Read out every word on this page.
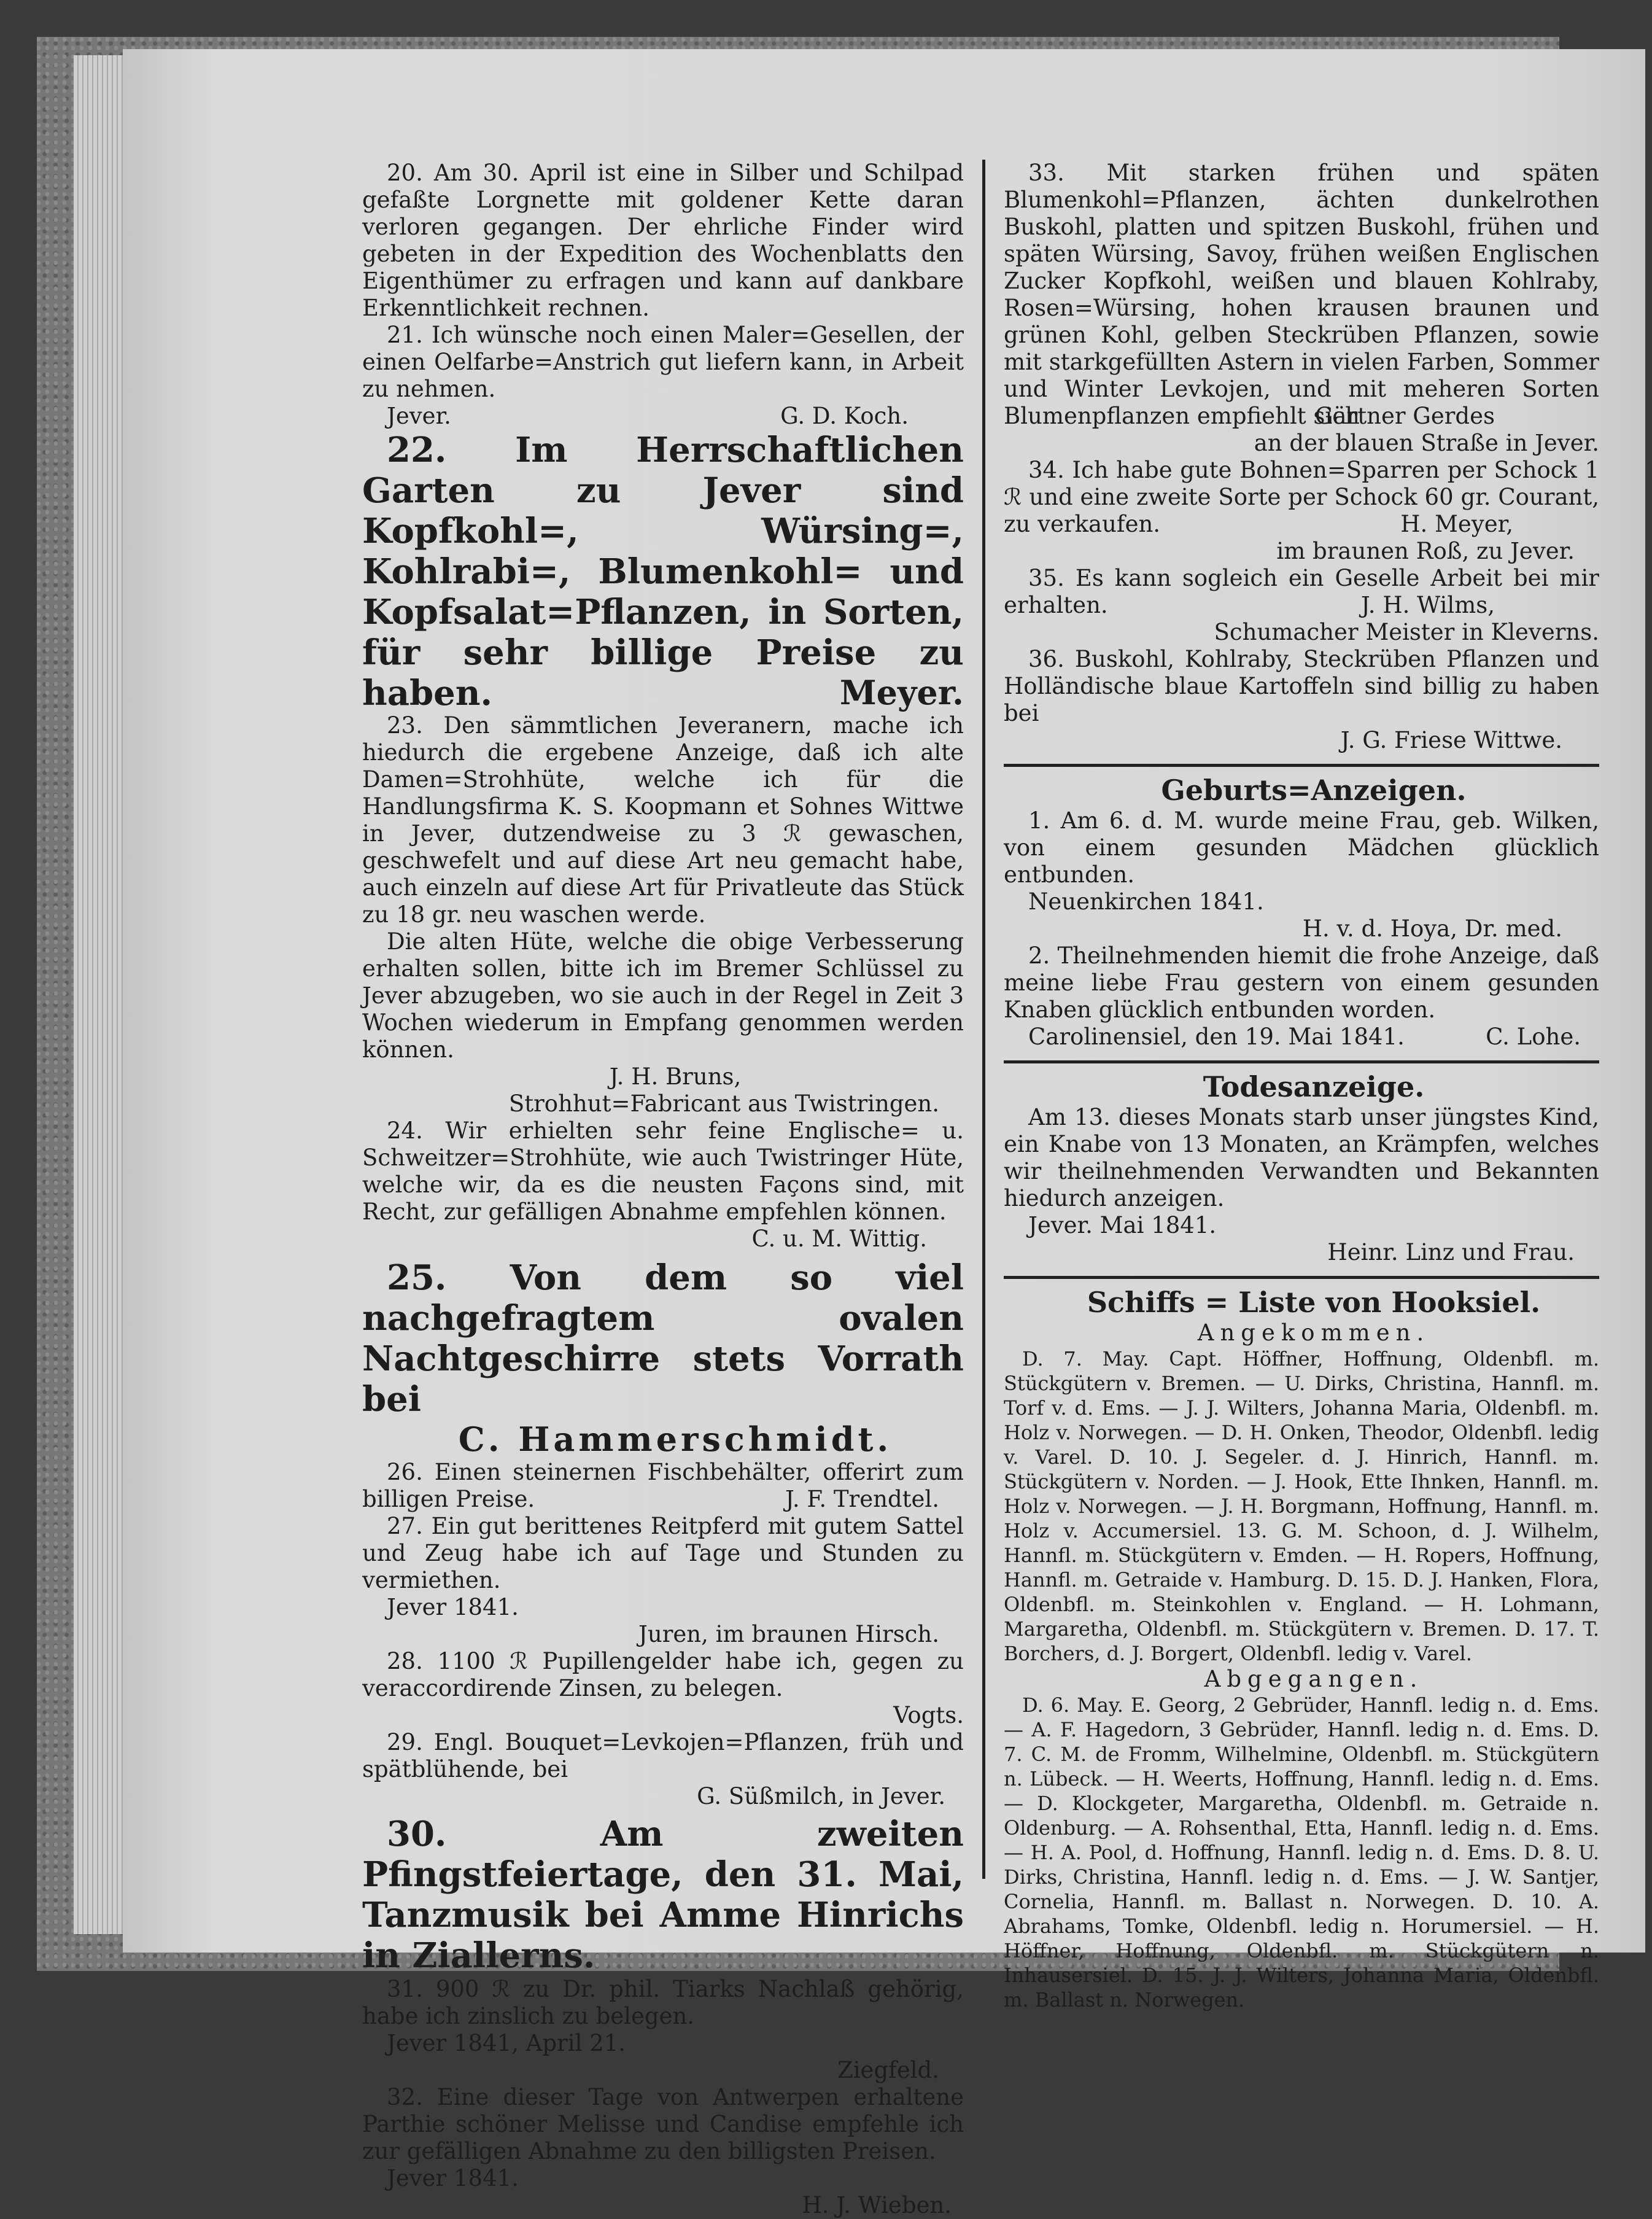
20. Am 30. April ist eine in Silber und Schilpad gefaßte Lorgnette mit goldener Kette daran verloren gegangen. Der ehrliche Finder wird gebeten in der Expedition des Wochenblatts den Eigenthümer zu erfragen und kann auf dankbare Erkenntlichkeit rechnen.

21. Ich wünsche noch einen Maler=Gesellen, der einen Oelfarbe=Anstrich gut liefern kann, in Arbeit zu nehmen.

Jever.	G. D. Koch.

22. Im Herrschaftlichen Garten zu Jever sind Kopfkohl=, Würsing=, Kohlrabi=, Blumenkohl= und Kopfsalat=Pflanzen, in Sorten, für sehr billige Preise zu haben.	Meyer.

23. Den sämmtlichen Jeveranern, mache ich hiedurch die ergebene Anzeige, daß ich alte Damen=Strohhüte, welche ich für die Handlungsfirma K. S. Koopmann et Sohnes Wittwe in Jever, dutzendweise zu 3 ℛ gewaschen, geschwefelt und auf diese Art neu gemacht habe, auch einzeln auf diese Art für Privatleute das Stück zu 18 gr. neu waschen werde.

Die alten Hüte, welche die obige Verbesserung erhalten sollen, bitte ich im Bremer Schlüssel zu Jever abzugeben, wo sie auch in der Regel in Zeit 3 Wochen wiederum in Empfang genommen werden können.

J. H. Bruns,

Strohhut=Fabricant aus Twistringen.

24. Wir erhielten sehr feine Englische= u. Schweitzer=Strohhüte, wie auch Twistringer Hüte, welche wir, da es die neusten Façons sind, mit Recht, zur gefälligen Abnahme empfehlen können.

C. u. M. Wittig.

25. Von dem so viel nachgefragtem ovalen Nachtgeschirre stets Vorrath bei

C. Hammerschmidt.

26. Einen steinernen Fischbehälter, offerirt zum billigen Preise.	J. F. Trendtel.

27. Ein gut berittenes Reitpferd mit gutem Sattel und Zeug habe ich auf Tage und Stunden zu vermiethen.

Jever 1841.

Juren, im braunen Hirsch.

28. 1100 ℛ Pupillengelder habe ich, gegen zu veraccordirende Zinsen, zu belegen.

Vogts.

29. Engl. Bouquet=Levkojen=Pflanzen, früh und spätblühende, bei

G. Süßmilch, in Jever.

30. Am zweiten Pfingstfeiertage, den 31. Mai, Tanzmusik bei Amme Hinrichs in Ziallerns.

31. 900 ℛ zu Dr. phil. Tiarks Nachlaß gehörig, habe ich zinslich zu belegen.

Jever 1841, April 21.

Ziegfeld.

32. Eine dieser Tage von Antwerpen erhaltene Parthie schöner Melisse und Candise empfehle ich zur gefälligen Abnahme zu den billigsten Preisen.

Jever 1841.

H. J. Wieben.

33. Mit starken frühen und späten Blumenkohl=Pflanzen, ächten dunkelrothen Buskohl, platten und spitzen Buskohl, frühen und späten Würsing, Savoy, frühen weißen Englischen Zucker Kopfkohl, weißen und blauen Kohlraby, Rosen=Würsing, hohen krausen braunen und grünen Kohl, gelben Steckrüben Pflanzen, sowie mit starkgefüllten Astern in vielen Farben, Sommer und Winter Levkojen, und mit meheren Sorten Blumenpflanzen empfiehlt sich

Gärtner Gerdes

an der blauen Straße in Jever.

34. Ich habe gute Bohnen=Sparren per Schock 1 ℛ und eine zweite Sorte per Schock 60 gr. Courant, zu verkaufen.	H. Meyer,

im braunen Roß, zu Jever.

35. Es kann sogleich ein Geselle Arbeit bei mir erhalten.	J. H. Wilms,

Schumacher Meister in Kleverns.

36. Buskohl, Kohlraby, Steckrüben Pflanzen und Holländische blaue Kartoffeln sind billig zu haben bei

J. G. Friese Wittwe.

Geburts=Anzeigen.

1. Am 6. d. M. wurde meine Frau, geb. Wilken, von einem gesunden Mädchen glücklich entbunden.

Neuenkirchen 1841.

H. v. d. Hoya, Dr. med.

2. Theilnehmenden hiemit die frohe Anzeige, daß meine liebe Frau gestern von einem gesunden Knaben glücklich entbunden worden.

Carolinensiel, den 19. Mai 1841.	C. Lohe.

Todesanzeige.

Am 13. dieses Monats starb unser jüngstes Kind, ein Knabe von 13 Monaten, an Krämpfen, welches wir theilnehmenden Verwandten und Bekannten hiedurch anzeigen.

Jever. Mai 1841.

Heinr. Linz und Frau.

Schiffs = Liste von Hooksiel.

Angekommen.

D. 7. May. Capt. Höffner, Hoffnung, Oldenbfl. m. Stückgütern v. Bremen. — U. Dirks, Christina, Hannfl. m. Torf v. d. Ems. — J. J. Wilters, Johanna Maria, Oldenbfl. m. Holz v. Norwegen. — D. H. Onken, Theodor, Oldenbfl. ledig v. Varel. D. 10. J. Segeler. d. J. Hinrich, Hannfl. m. Stückgütern v. Norden. — J. Hook, Ette Ihnken, Hannfl. m. Holz v. Norwegen. — J. H. Borgmann, Hoffnung, Hannfl. m. Holz v. Accumersiel. 13. G. M. Schoon, d. J. Wilhelm, Hannfl. m. Stückgütern v. Emden. — H. Ropers, Hoffnung, Hannfl. m. Getraide v. Hamburg. D. 15. D. J. Hanken, Flora, Oldenbfl. m. Steinkohlen v. England. — H. Lohmann, Margaretha, Oldenbfl. m. Stückgütern v. Bremen. D. 17. T. Borchers, d. J. Borgert, Oldenbfl. ledig v. Varel.

Abgegangen.

D. 6. May. E. Georg, 2 Gebrüder, Hannfl. ledig n. d. Ems. — A. F. Hagedorn, 3 Gebrüder, Hannfl. ledig n. d. Ems. D. 7. C. M. de Fromm, Wilhelmine, Oldenbfl. m. Stückgütern n. Lübeck. — H. Weerts, Hoffnung, Hannfl. ledig n. d. Ems. — D. Klockgeter, Margaretha, Oldenbfl. m. Getraide n. Oldenburg. — A. Rohsenthal, Etta, Hannfl. ledig n. d. Ems. — H. A. Pool, d. Hoffnung, Hannfl. ledig n. d. Ems. D. 8. U. Dirks, Christina, Hannfl. ledig n. d. Ems. — J. W. Santjer, Cornelia, Hannfl. m. Ballast n. Norwegen. D. 10. A. Abrahams, Tomke, Oldenbfl. ledig n. Horumersiel. — H. Höffner, Hoffnung, Oldenbfl. m. Stückgütern n. Inhausersiel. D. 15. J. J. Wilters, Johanna Maria, Oldenbfl. m. Ballast n. Norwegen.
